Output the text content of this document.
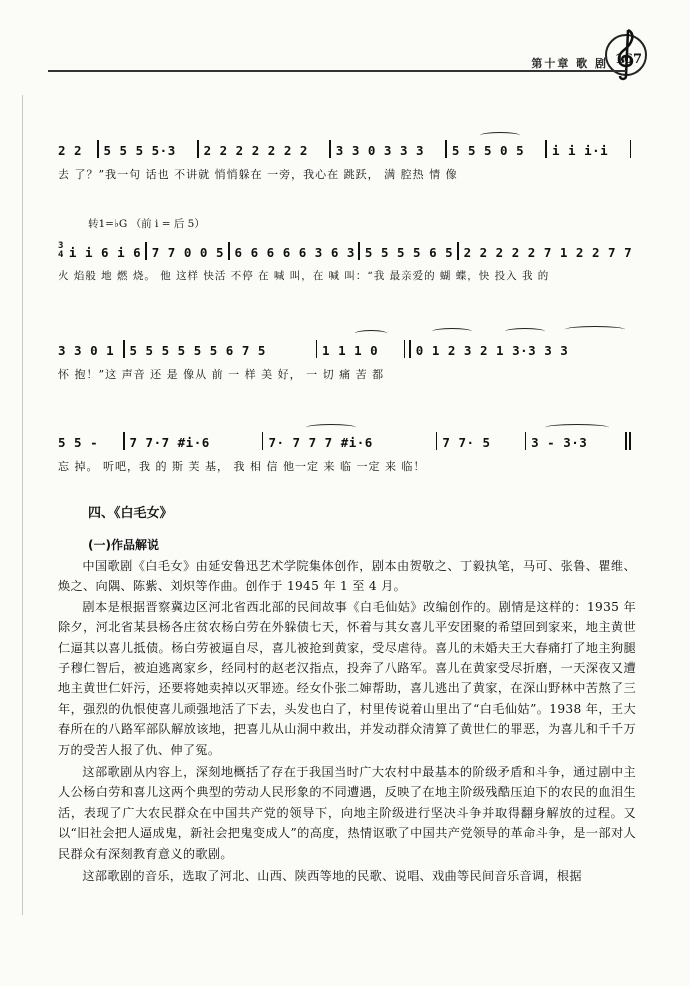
第十章 歌 剧 167
2 2	5 5 5 5·3	2 2 2 2 2 2 2	3 3 0 3 3 3	5 5 5 0 5	i i i·i
去 了？”我一句 话也 不讲就 悄悄躲在 一旁，我心在 跳跃， 满 腔热 情 像
转1=♭G （前 i = 后 5）
3
4 i i 6 i 6 7 7 0 0 5 6 6 6 6 6 3 6 3 5 5 5 5 6 5 2 2 2 2 2 7 1 2 2 7 7
火 焰般 地 燃 烧。 他 这样 快活 不停 在 喊 叫，在 喊 叫：“我 最亲爱的 蝴 蝶，快 投入 我 的
3 3 0 1	5 5 5 5 5 5 6 7 5	1 1 1 0	0 1 2 3 2 1 3·3 3 3
怀 抱！”这 声音 还 是 像从 前 一 样 美 好， 一 切 痛 苦 都
5 5 -	7 7·7 #i·6	7· 7 7 7 #i·6	7 7· 5	3 - 3·3
忘 掉。 听吧，我 的 斯 芙 基， 我 相 信 他一定 来 临 一定 来 临！
四、《白毛女》
(一)作品解说

中国歌剧《白毛女》由延安鲁迅艺术学院集体创作，剧本由贺敬之、丁毅执笔，马可、张鲁、瞿维、焕之、向隅、陈紫、刘炽等作曲。创作于 1945 年 1 至 4 月。

剧本是根据晋察冀边区河北省西北部的民间故事《白毛仙姑》改编创作的。剧情是这样的：1935 年除夕，河北省某县杨各庄贫农杨白劳在外躲债七天，怀着与其女喜儿平安团聚的希望回到家来，地主黄世仁逼其以喜儿抵债。杨白劳被逼自尽，喜儿被抢到黄家，受尽虐待。喜儿的未婚夫王大春痛打了地主狗腿子穆仁智后，被迫逃离家乡，经同村的赵老汉指点，投奔了八路军。喜儿在黄家受尽折磨，一天深夜又遭地主黄世仁奸污，还要将她卖掉以灭罪迹。经女仆张二婶帮助，喜儿逃出了黄家，在深山野林中苦熬了三年，强烈的仇恨使喜儿顽强地活了下去，头发也白了，村里传说着山里出了“白毛仙姑”。1938 年，王大春所在的八路军部队解放该地，把喜儿从山洞中救出，并发动群众清算了黄世仁的罪恶，为喜儿和千千万万的受苦人报了仇、伸了冤。

这部歌剧从内容上，深刻地概括了存在于我国当时广大农村中最基本的阶级矛盾和斗争，通过剧中主人公杨白劳和喜儿这两个典型的劳动人民形象的不同遭遇，反映了在地主阶级残酷压迫下的农民的血泪生活，表现了广大农民群众在中国共产党的领导下，向地主阶级进行坚决斗争并取得翻身解放的过程。又以“旧社会把人逼成鬼，新社会把鬼变成人”的高度，热情讴歌了中国共产党领导的革命斗争，是一部对人民群众有深刻教育意义的歌剧。

这部歌剧的音乐，选取了河北、山西、陕西等地的民歌、说唱、戏曲等民间音乐音调，根据
